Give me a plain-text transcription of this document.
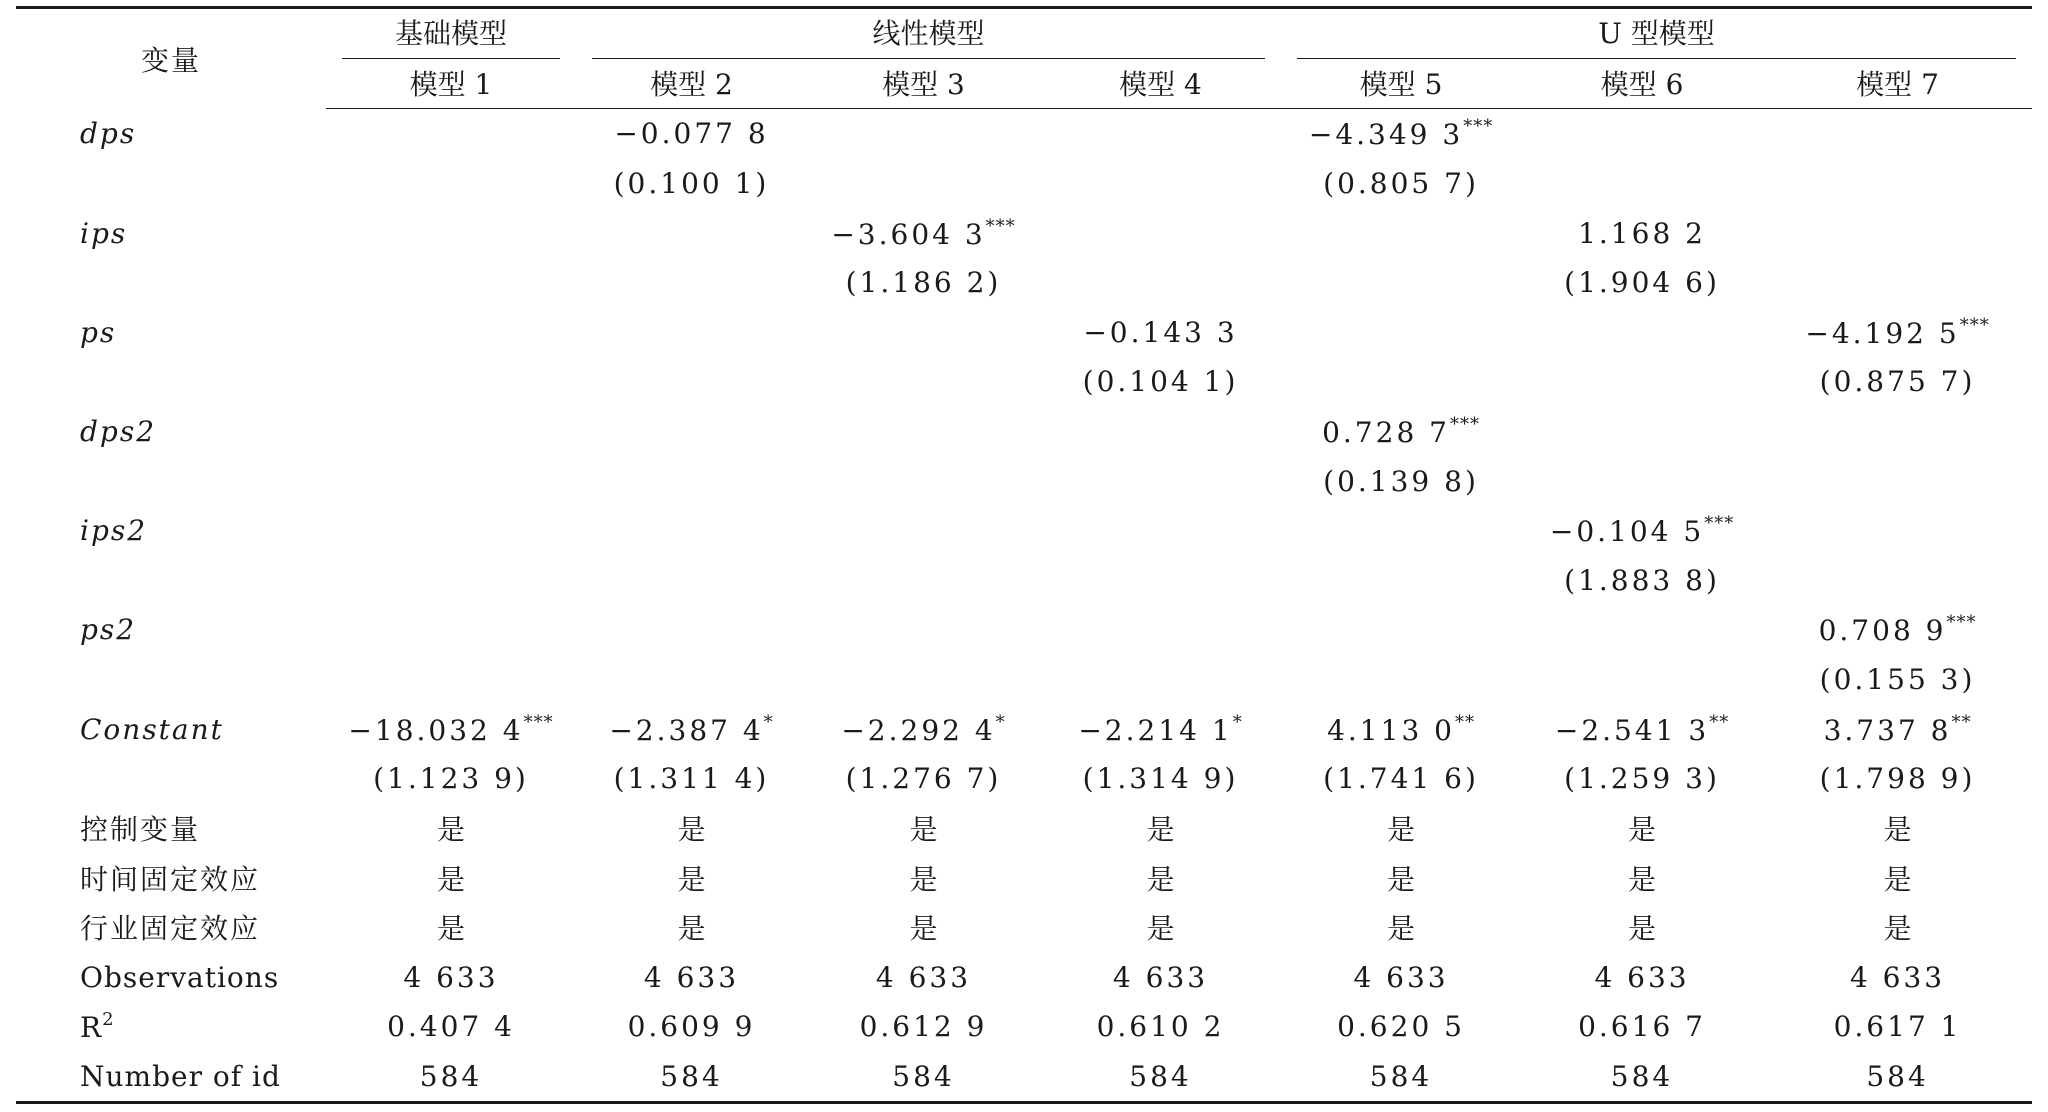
变量	基础模型	线性模型			U 型模型		

	模型 1	模型 2	模型 3	模型 4	模型 5	模型 6	模型 7
dps		−0.077 8			−4.349 3***		
		(0.100 1)			(0.805 7)		
ips			−3.604 3***			1.168 2	
			(1.186 2)			(1.904 6)	
ps				−0.143 3			−4.192 5***
				(0.104 1)			(0.875 7)
dps2					0.728 7***		
					(0.139 8)		
ips2						−0.104 5***	
						(1.883 8)	
ps2							0.708 9***
							(0.155 3)
Constant	−18.032 4***	−2.387 4*	−2.292 4*	−2.214 1*	4.113 0**	−2.541 3**	3.737 8**
	(1.123 9)	(1.311 4)	(1.276 7)	(1.314 9)	(1.741 6)	(1.259 3)	(1.798 9)
控制变量	是	是	是	是	是	是	是
时间固定效应	是	是	是	是	是	是	是
行业固定效应	是	是	是	是	是	是	是
Observations	4 633	4 633	4 633	4 633	4 633	4 633	4 633
$R^2$	0.407 4	0.609 9	0.612 9	0.610 2	0.620 5	0.616 7	0.617 1
Number of id	584	584	584	584	584	584	584
